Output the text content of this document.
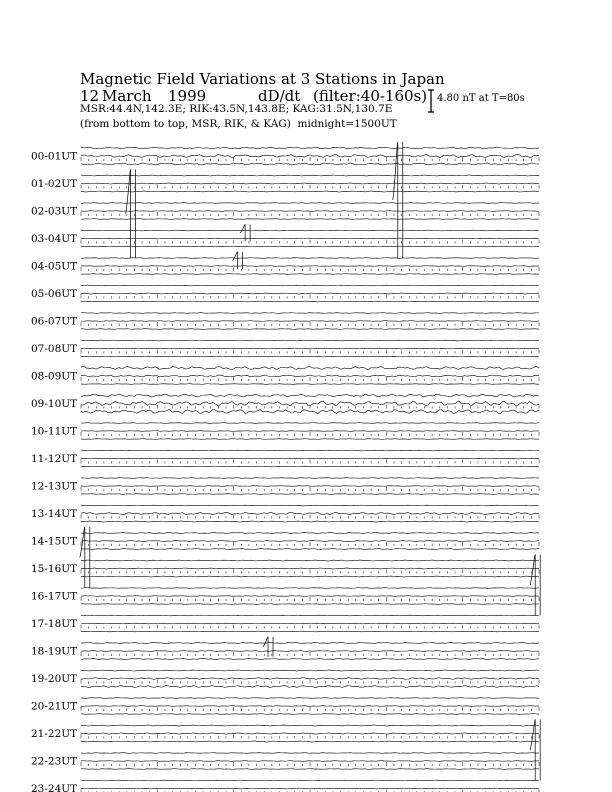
Magnetic Field Variations at 3 Stations in Japan
12 March 1999	dD/dt (filter:40-160s)
MSR:44.4N,142.3E; RIK:43.5N,143.8E; KAG:31.5N,130.7E
(from bottom to top, MSR, RIK, & KAG) midnight=1500UT
4.80 nT at T=80s
00-01UT
01-02UT
02-03UT
03-04UT
04-05UT
05-06UT
06-07UT
07-08UT
08-09UT
09-10UT
10-11UT
11-12UT
12-13UT
13-14UT
14-15UT
15-16UT
16-17UT
17-18UT
18-19UT
19-20UT
20-21UT
21-22UT
22-23UT
23-24UT
